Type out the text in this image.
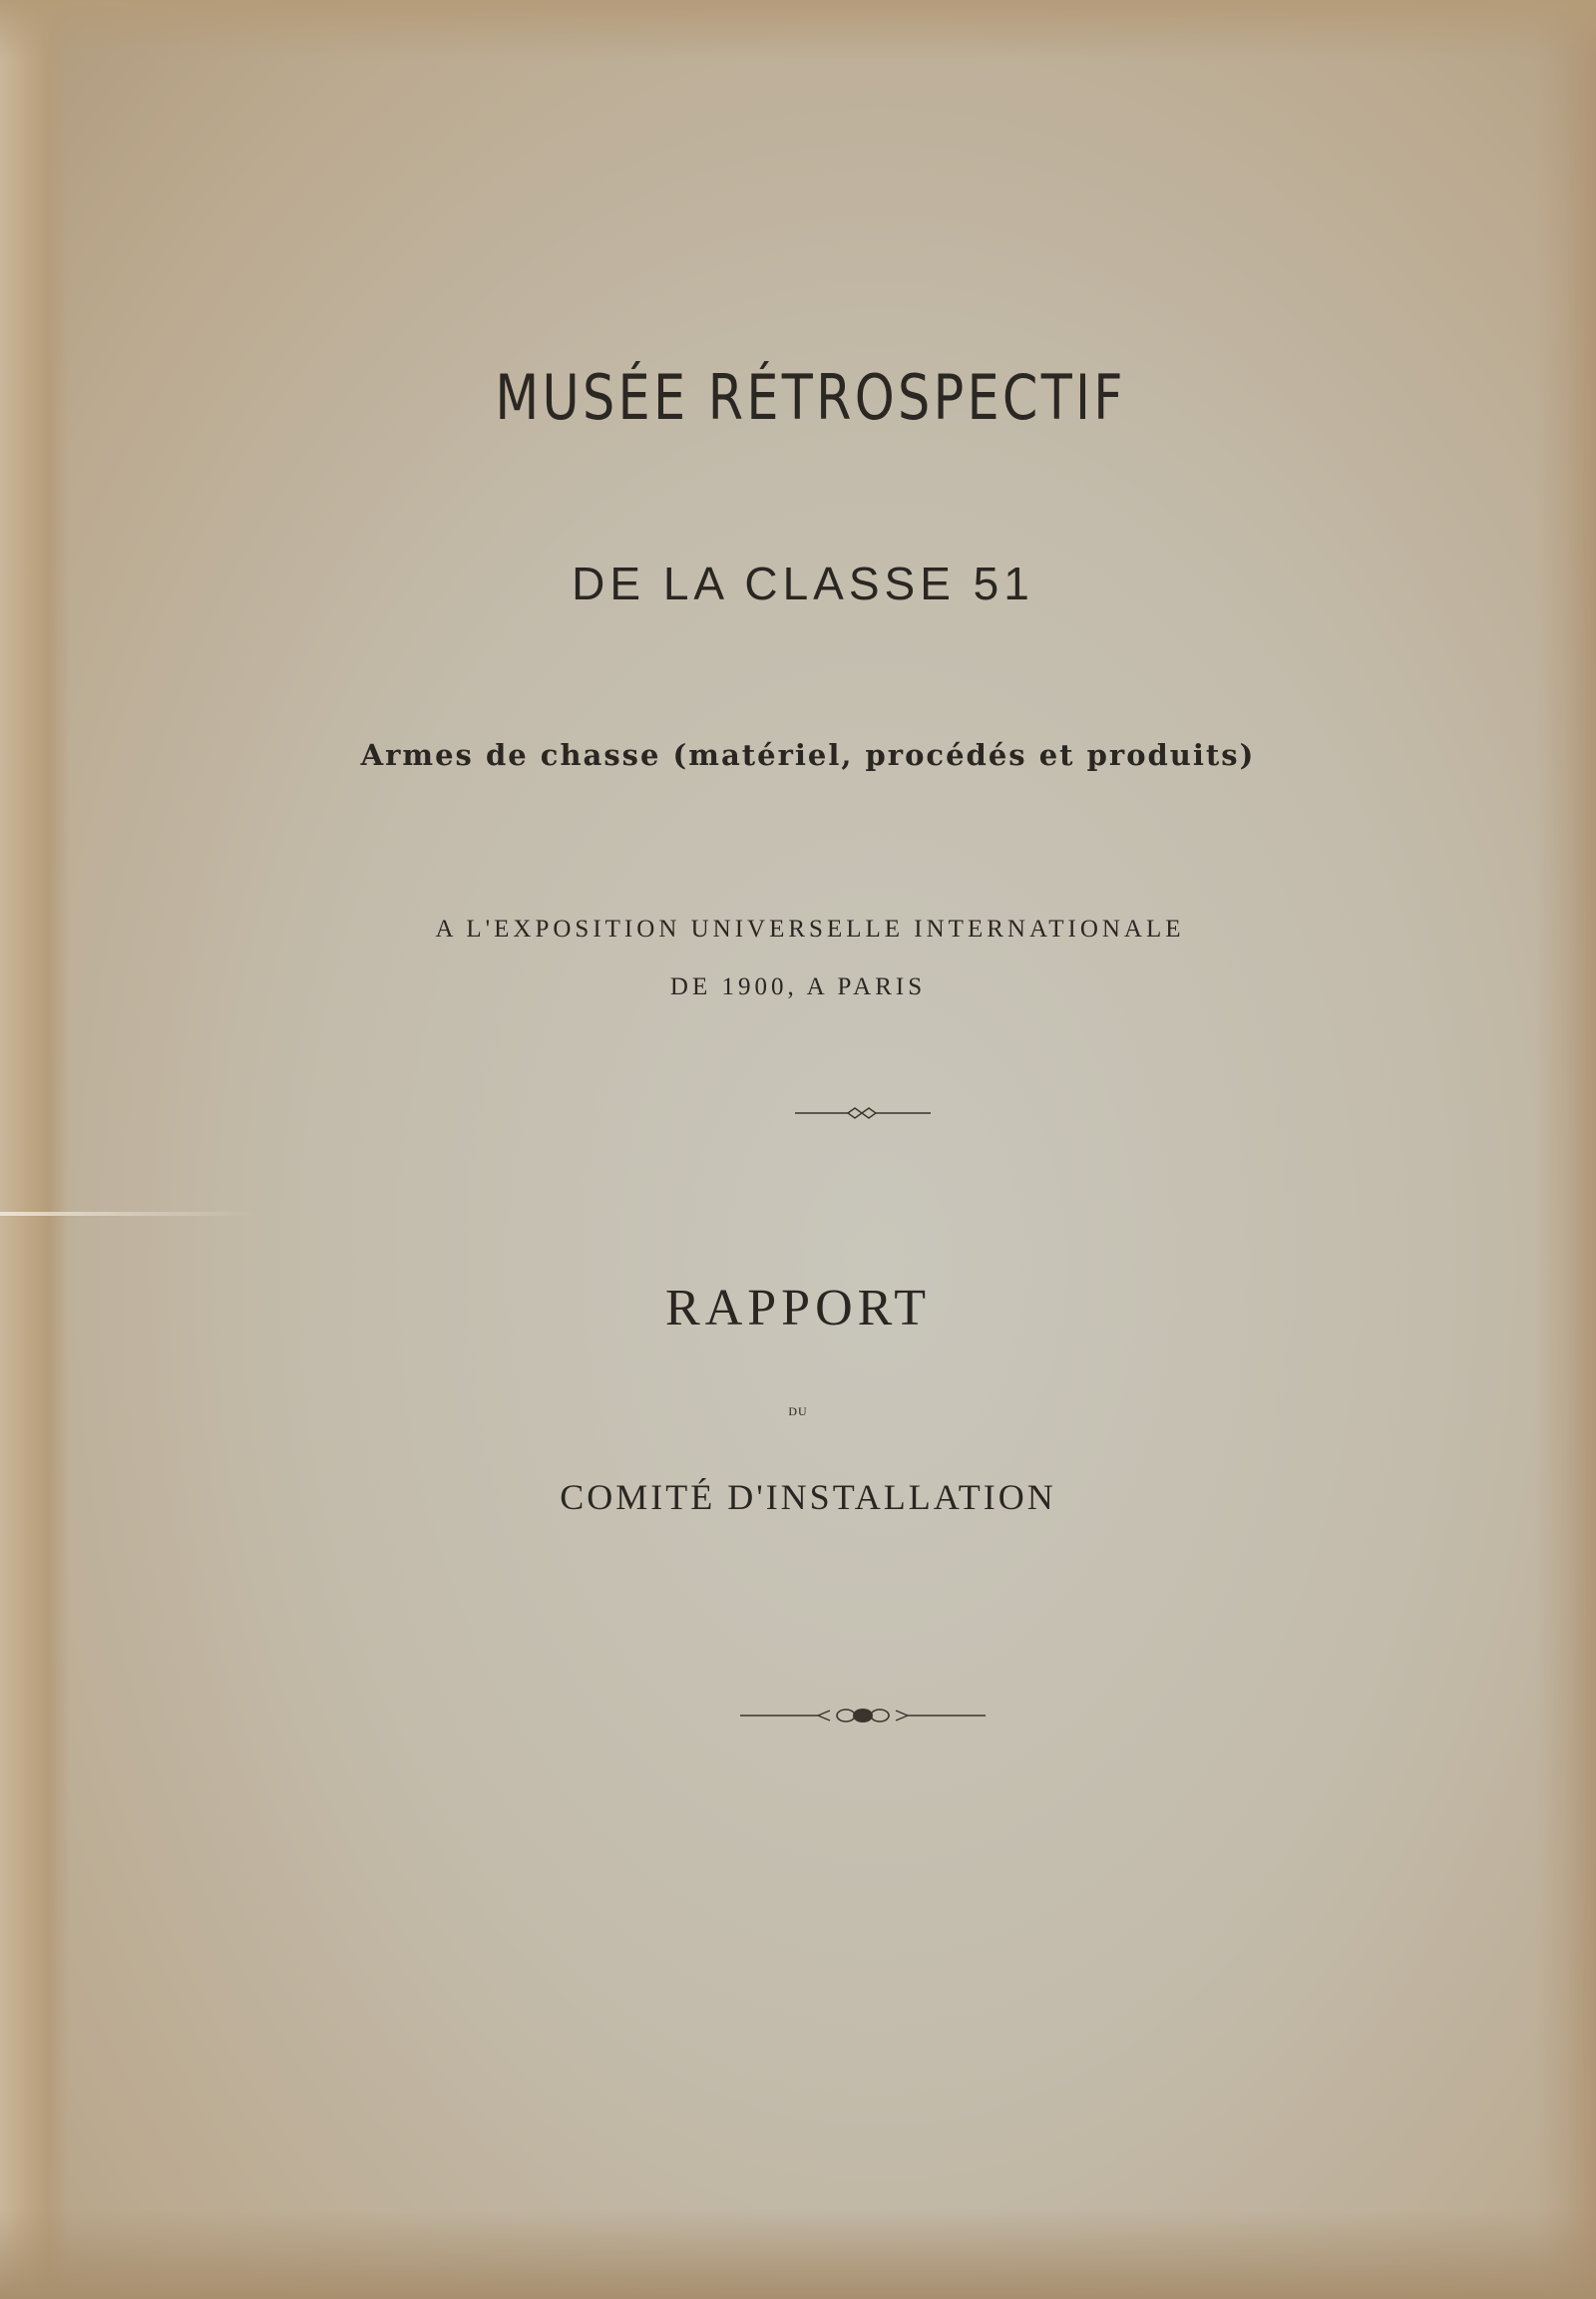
MUSÉE RÉTROSPECTIF
DE LA CLASSE 51
Armes de chasse (matériel, procédés et produits)
A L'EXPOSITION UNIVERSELLE INTERNATIONALE
DE 1900, A PARIS
RAPPORT
DU
COMITÉ D'INSTALLATION
